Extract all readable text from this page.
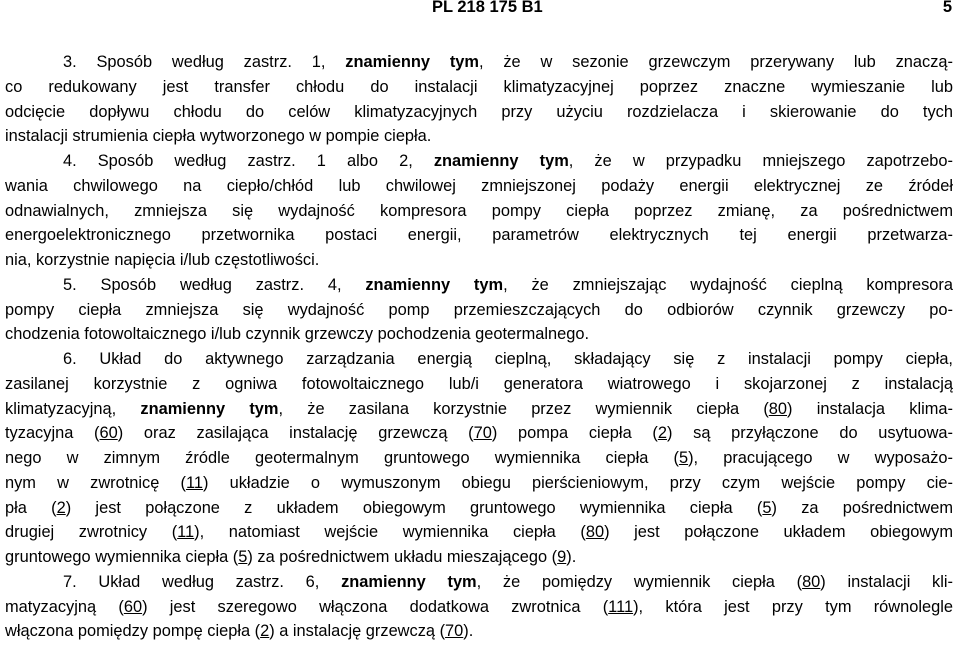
PL 218 175 B1	5
3. Sposób według zastrz. 1, znamienny tym, że w sezonie grzewczym przerywany lub znaczą-
co redukowany jest transfer chłodu do instalacji klimatyzacyjnej poprzez znaczne wymieszanie lub
odcięcie dopływu chłodu do celów klimatyzacyjnych przy użyciu rozdzielacza i skierowanie do tych
instalacji strumienia ciepła wytworzonego w pompie ciepła.
4. Sposób według zastrz. 1 albo 2, znamienny tym, że w przypadku mniejszego zapotrzebo-
wania chwilowego na ciepło/chłód lub chwilowej zmniejszonej podaży energii elektrycznej ze źródeł
odnawialnych, zmniejsza się wydajność kompresora pompy ciepła poprzez zmianę, za pośrednictwem
energoelektronicznego przetwornika postaci energii, parametrów elektrycznych tej energii przetwarza-
nia, korzystnie napięcia i/lub częstotliwości.
5. Sposób według zastrz. 4, znamienny tym, że zmniejszając wydajność cieplną kompresora
pompy ciepła zmniejsza się wydajność pomp przemieszczających do odbiorów czynnik grzewczy po-
chodzenia fotowoltaicznego i/lub czynnik grzewczy pochodzenia geotermalnego.
6. Układ do aktywnego zarządzania energią cieplną, składający się z instalacji pompy ciepła,
zasilanej korzystnie z ogniwa fotowoltaicznego lub/i generatora wiatrowego i skojarzonej z instalacją
klimatyzacyjną, znamienny tym, że zasilana korzystnie przez wymiennik ciepła (80) instalacja klima-
tyzacyjna (60) oraz zasilająca instalację grzewczą (70) pompa ciepła (2) są przyłączone do usytuowa-
nego w zimnym źródle geotermalnym gruntowego wymiennika ciepła (5), pracującego w wyposażo-
nym w zwrotnicę (11) układzie o wymuszonym obiegu pierścieniowym, przy czym wejście pompy cie-
pła (2) jest połączone z układem obiegowym gruntowego wymiennika ciepła (5) za pośrednictwem
drugiej zwrotnicy (11), natomiast wejście wymiennika ciepła (80) jest połączone układem obiegowym
gruntowego wymiennika ciepła (5) za pośrednictwem układu mieszającego (9).
7. Układ według zastrz. 6, znamienny tym, że pomiędzy wymiennik ciepła (80) instalacji kli-
matyzacyjną (60) jest szeregowo włączona dodatkowa zwrotnica (111), która jest przy tym równolegle
włączona pomiędzy pompę ciepła (2) a instalację grzewczą (70).
